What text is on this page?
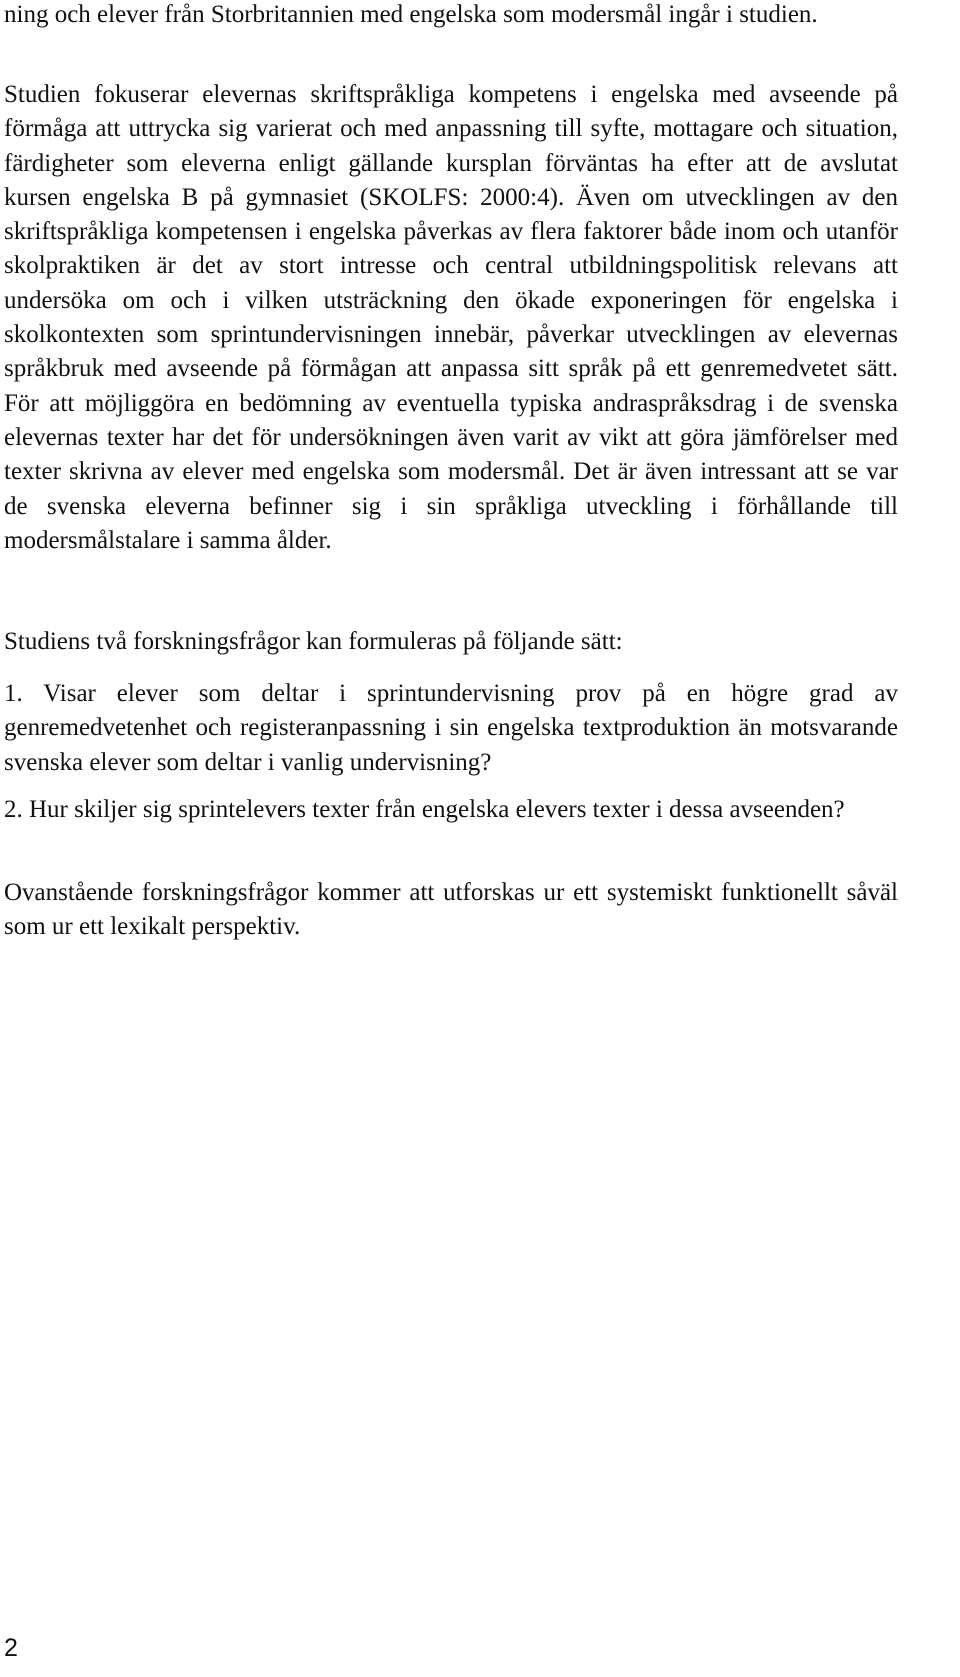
ning och elever från Storbritannien med engelska som modersmål ingår i studien.

Studien fokuserar elevernas skriftspråkliga kompetens i engelska med avseende på förmåga att uttrycka sig varierat och med anpassning till syfte, mottagare och situation, färdigheter som eleverna enligt gällande kursplan förväntas ha efter att de avslutat kursen engelska B på gymnasiet (SKOLFS: 2000:4). Även om utvecklingen av den skriftspråkliga kompetensen i engelska påverkas av flera faktorer både inom och utanför skolpraktiken är det av stort intresse och central utbildningspolitisk relevans att undersöka om och i vilken utsträckning den ökade exponeringen för engelska i skolkontexten som sprintundervisningen innebär, påverkar utvecklingen av elevernas språkbruk med avseende på förmågan att anpassa sitt språk på ett genremedvetet sätt. För att möjliggöra en bedömning av eventuella typiska andraspråksdrag i de svenska elevernas texter har det för undersökningen även varit av vikt att göra jämförelser med texter skrivna av elever med engelska som modersmål. Det är även intressant att se var de svenska eleverna befinner sig i sin språkliga utveckling i förhållande till modersmålstalare i samma ålder.

Studiens två forskningsfrågor kan formuleras på följande sätt:

1. Visar elever som deltar i sprintundervisning prov på en högre grad av genremedvetenhet och registeranpassning i sin engelska textproduktion än motsvarande svenska elever som deltar i vanlig undervisning?

2. Hur skiljer sig sprintelevers texter från engelska elevers texter i dessa avseenden?

Ovanstående forskningsfrågor kommer att utforskas ur ett systemiskt funktionellt såväl som ur ett lexikalt perspektiv.

2
